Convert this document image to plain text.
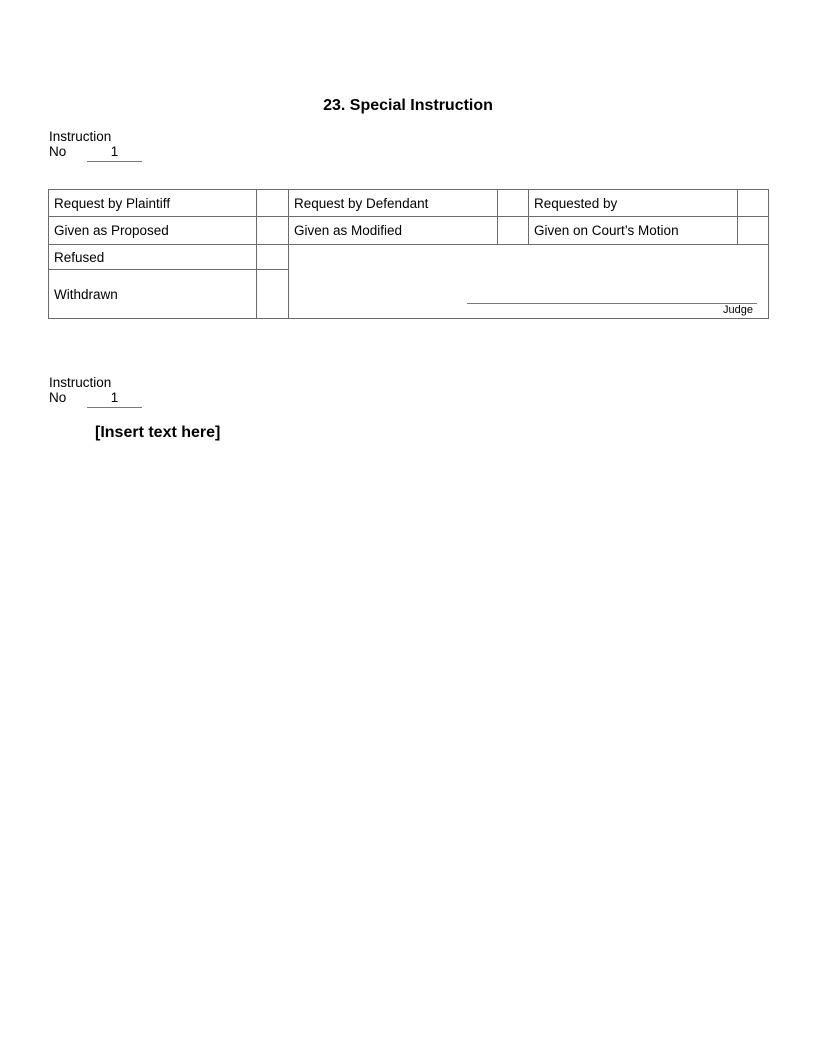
23. Special Instruction
Instruction
No	1
Request by Plaintiff		Request by Defendant		Requested by	
Given as Proposed		Given as Modified		Given on Court’s Motion	
Refused		Judge			

Withdrawn					
Instruction
No	1
[Insert text here]
